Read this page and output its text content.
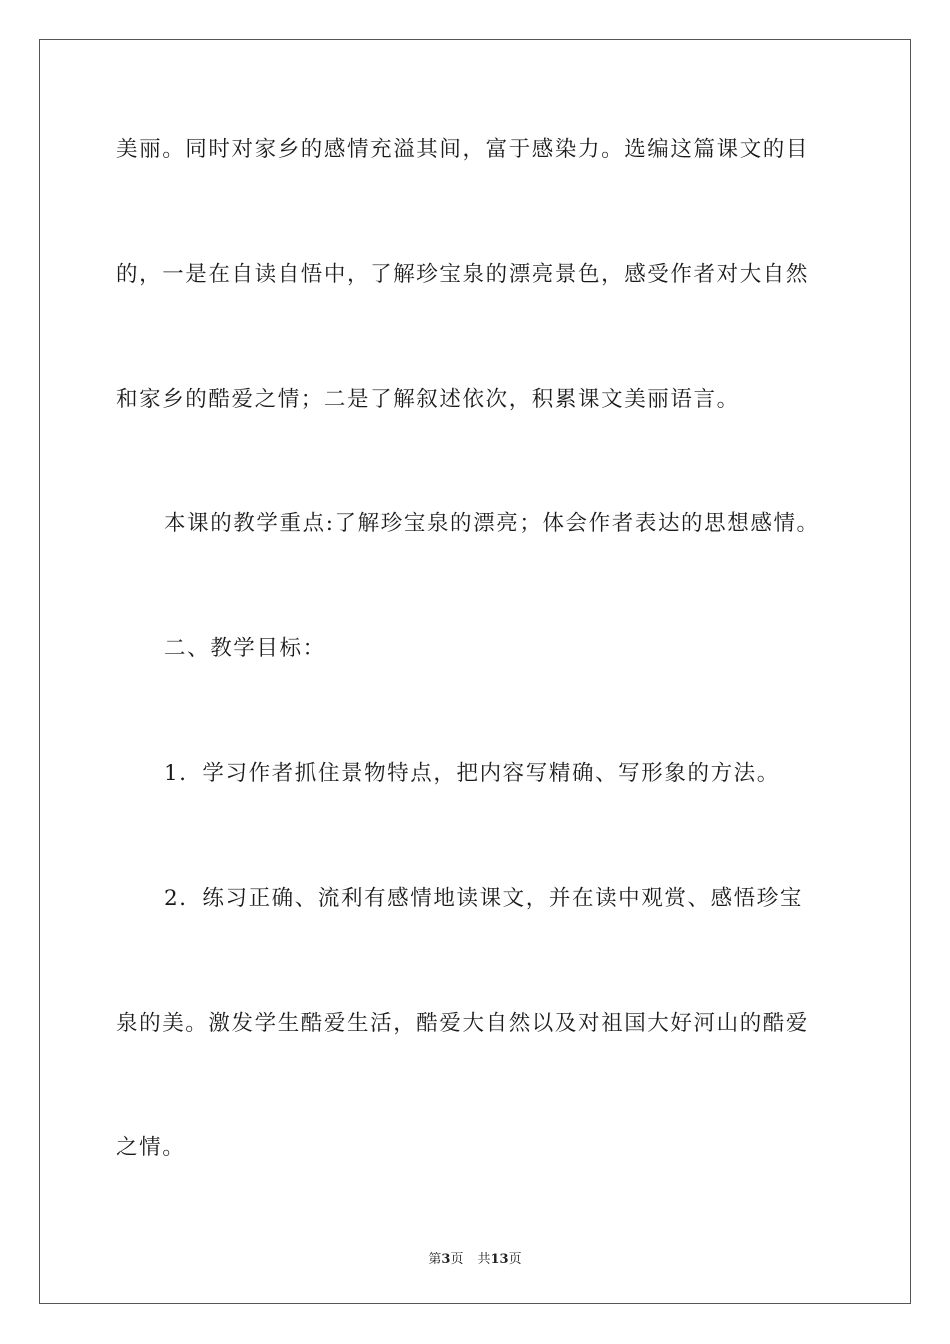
美丽。同时对家乡的感情充溢其间，富于感染力。选编这篇课文的目
的，一是在自读自悟中，了解珍宝泉的漂亮景色，感受作者对大自然
和家乡的酷爱之情；二是了解叙述依次，积累课文美丽语言。
本课的教学重点:了解珍宝泉的漂亮；体会作者表达的思想感情。
二、教学目标：
1．学习作者抓住景物特点，把内容写精确、写形象的方法。
2．练习正确、流利有感情地读课文，并在读中观赏、感悟珍宝
泉的美。激发学生酷爱生活，酷爱大自然以及对祖国大好河山的酷爱
之情。
第3页 共13页
